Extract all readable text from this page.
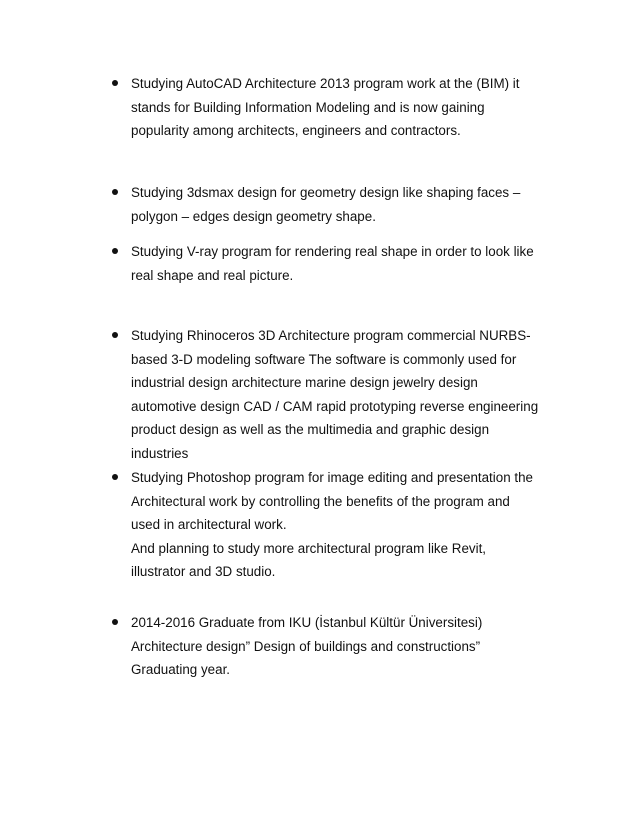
Studying AutoCAD Architecture 2013 program work at the (BIM) it
stands for Building Information Modeling and is now gaining
popularity among architects, engineers and contractors.
Studying 3dsmax design for geometry design like shaping faces –
polygon – edges design geometry shape.
Studying V-ray program for rendering real shape in order to look like
real shape and real picture.
Studying Rhinoceros 3D Architecture program commercial NURBS-
based 3-D modeling software The software is commonly used for
industrial design architecture marine design jewelry design
automotive design CAD / CAM rapid prototyping reverse engineering
product design as well as the multimedia and graphic design
industries
Studying Photoshop program for image editing and presentation the
Architectural work by controlling the benefits of the program and
used in architectural work.
And planning to study more architectural program like Revit,
illustrator and 3D studio.
2014-2016 Graduate from IKU (İstanbul Kültür Üniversitesi)
Architecture design” Design of buildings and constructions”
Graduating year.
